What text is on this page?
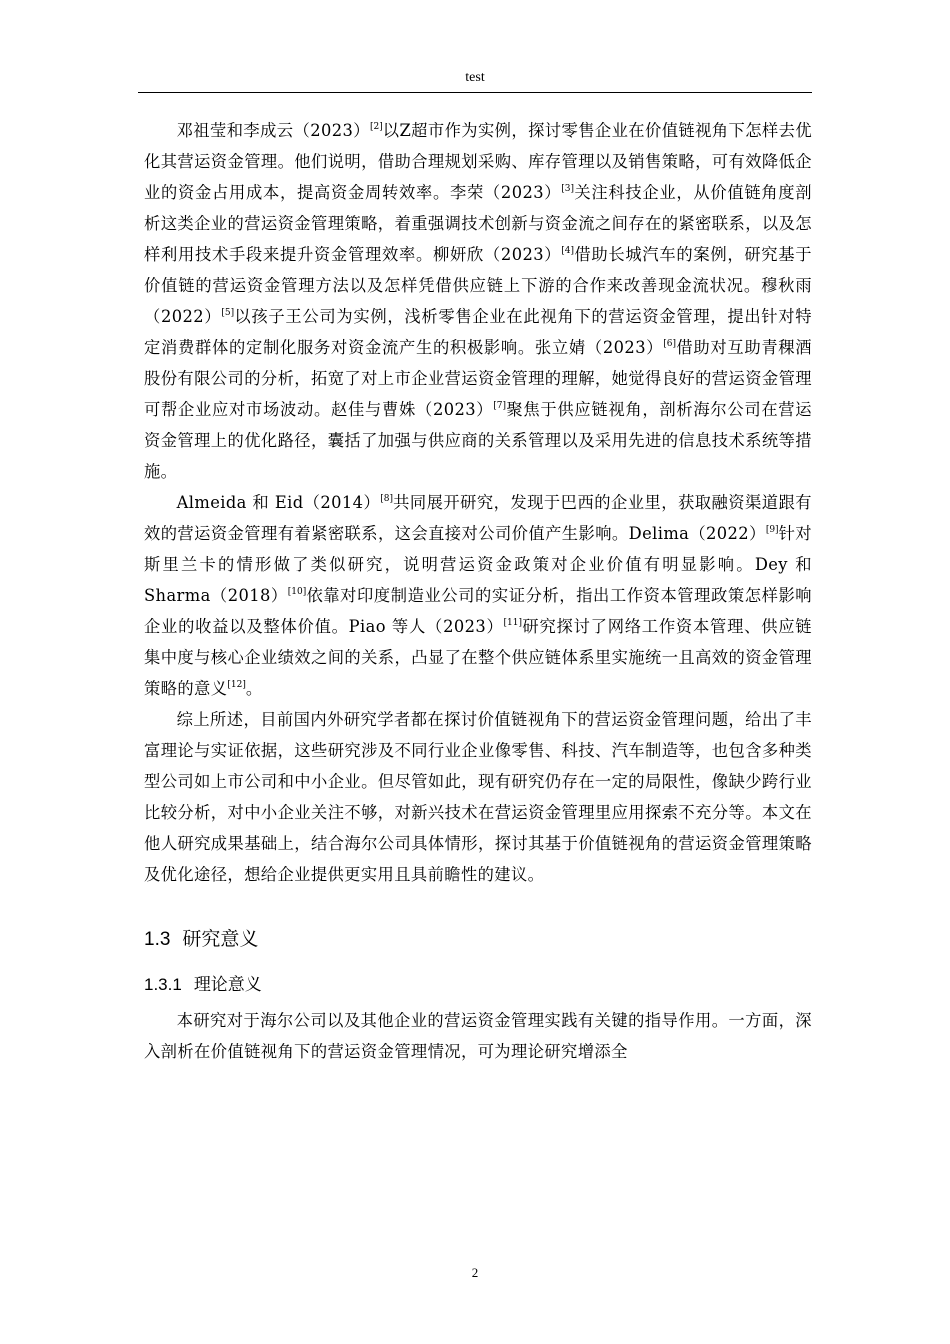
test

邓祖莹和李成云（2023）[2]以Z超市作为实例，探讨零售企业在价值链视角下怎样去优化其营运资金管理。他们说明，借助合理规划采购、库存管理以及销售策略，可有效降低企业的资金占用成本，提高资金周转效率。李荣（2023）[3]关注科技企业，从价值链角度剖析这类企业的营运资金管理策略，着重强调技术创新与资金流之间存在的紧密联系，以及怎样利用技术手段来提升资金管理效率。柳妍欣（2023）[4]借助长城汽车的案例，研究基于价值链的营运资金管理方法以及怎样凭借供应链上下游的合作来改善现金流状况。穆秋雨（2022）[5]以孩子王公司为实例，浅析零售企业在此视角下的营运资金管理，提出针对特定消费群体的定制化服务对资金流产生的积极影响。张立婧（2023）[6]借助对互助青稞酒股份有限公司的分析，拓宽了对上市企业营运资金管理的理解，她觉得良好的营运资金管理可帮企业应对市场波动。赵佳与曹姝（2023）[7]聚焦于供应链视角，剖析海尔公司在营运资金管理上的优化路径，囊括了加强与供应商的关系管理以及采用先进的信息技术系统等措施。

Almeida 和 Eid（2014）[8]共同展开研究，发现于巴西的企业里，获取融资渠道跟有效的营运资金管理有着紧密联系，这会直接对公司价值产生影响。Delima（2022）[9]针对斯里兰卡的情形做了类似研究，说明营运资金政策对企业价值有明显影响。Dey 和 Sharma（2018）[10]依靠对印度制造业公司的实证分析，指出工作资本管理政策怎样影响企业的收益以及整体价值。Piao 等人（2023）[11]研究探讨了网络工作资本管理、供应链集中度与核心企业绩效之间的关系，凸显了在整个供应链体系里实施统一且高效的资金管理策略的意义[12]。

综上所述，目前国内外研究学者都在探讨价值链视角下的营运资金管理问题，给出了丰富理论与实证依据，这些研究涉及不同行业企业像零售、科技、汽车制造等，也包含多种类型公司如上市公司和中小企业。但尽管如此，现有研究仍存在一定的局限性，像缺少跨行业比较分析，对中小企业关注不够，对新兴技术在营运资金管理里应用探索不充分等。本文在他人研究成果基础上，结合海尔公司具体情形，探讨其基于价值链视角的营运资金管理策略及优化途径，想给企业提供更实用且具前瞻性的建议。

1.3 研究意义
1.3.1 理论意义

本研究对于海尔公司以及其他企业的营运资金管理实践有关键的指导作用。一方面，深入剖析在价值链视角下的营运资金管理情况，可为理论研究增添全

2
